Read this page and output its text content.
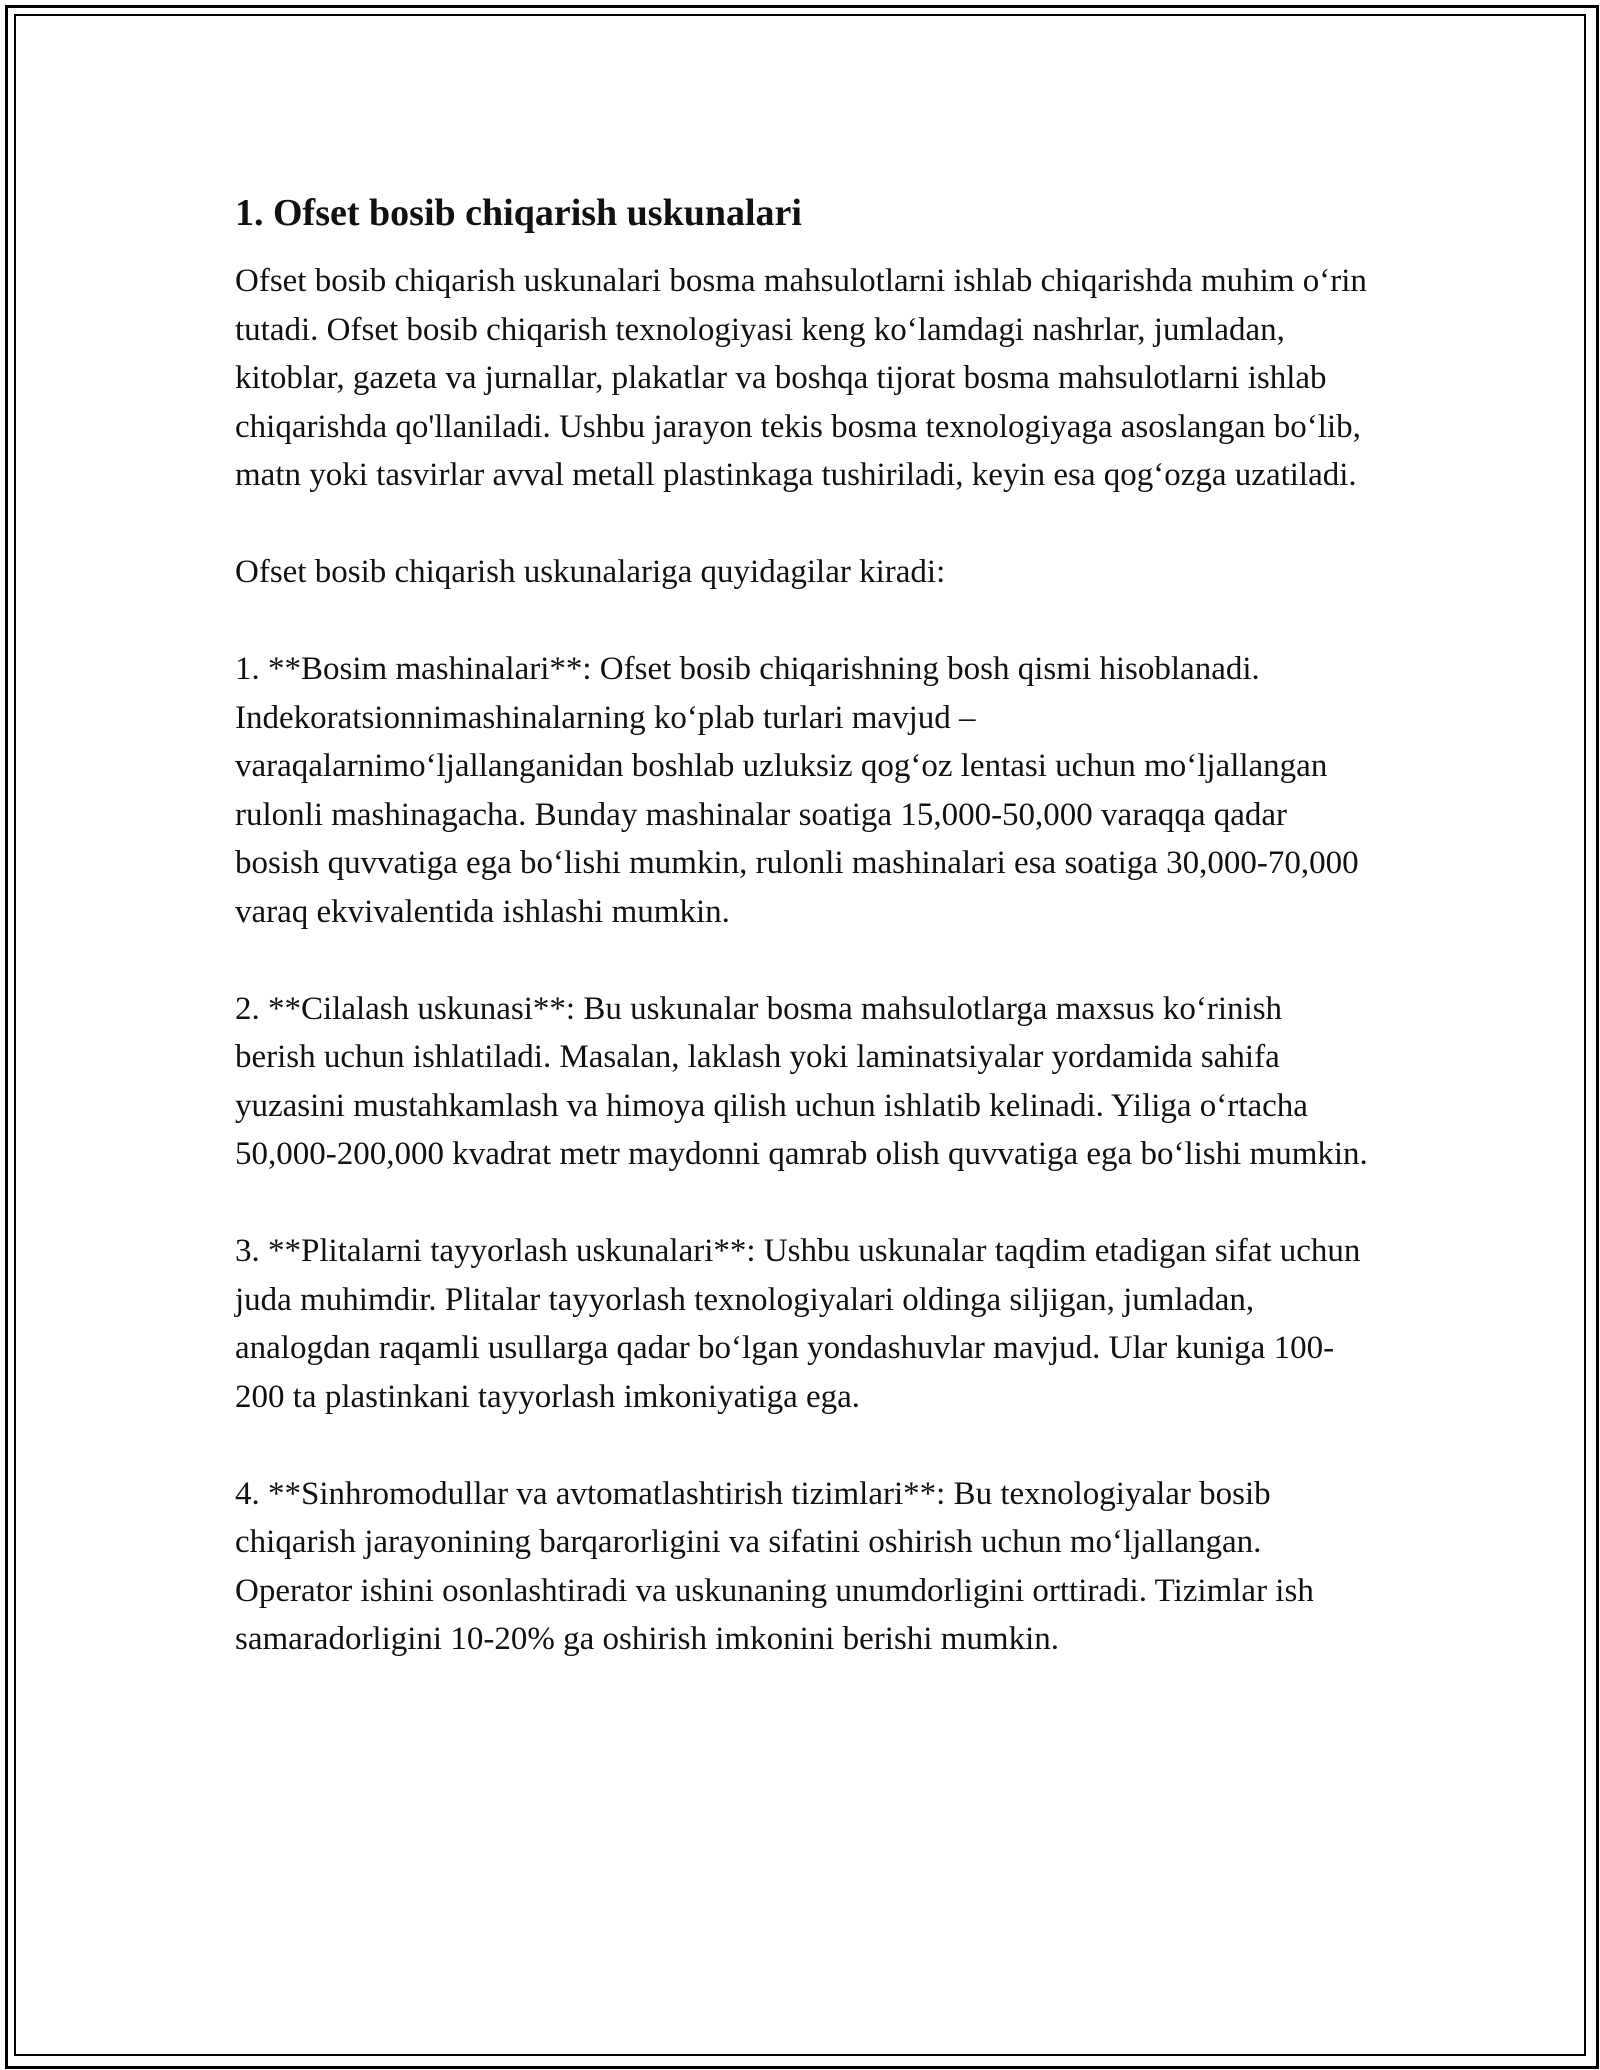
1. Ofset bosib chiqarish uskunalari

Ofset bosib chiqarish uskunalari bosma mahsulotlarni ishlab chiqarishda muhim o‘rin tutadi. Ofset bosib chiqarish texnologiyasi keng ko‘lamdagi nashrlar, jumladan, kitoblar, gazeta va jurnallar, plakatlar va boshqa tijorat bosma mahsulotlarni ishlab chiqarishda qo'llaniladi. Ushbu jarayon tekis bosma texnologiyaga asoslangan bo‘lib, matn yoki tasvirlar avval metall plastinkaga tushiriladi, keyin esa qog‘ozga uzatiladi.

Ofset bosib chiqarish uskunalariga quyidagilar kiradi:

1. **Bosim mashinalari**: Ofset bosib chiqarishning bosh qismi hisoblanadi. Indekoratsionnimashinalarning ko‘plab turlari mavjud – varaqalarnimo‘ljallanganidan boshlab uzluksiz qog‘oz lentasi uchun mo‘ljallangan rulonli mashinagacha. Bunday mashinalar soatiga 15,000-50,000 varaqqa qadar bosish quvvatiga ega bo‘lishi mumkin, rulonli mashinalari esa soatiga 30,000-70,000 varaq ekvivalentida ishlashi mumkin.

2. **Cilalash uskunasi**: Bu uskunalar bosma mahsulotlarga maxsus ko‘rinish berish uchun ishlatiladi. Masalan, laklash yoki laminatsiyalar yordamida sahifa yuzasini mustahkamlash va himoya qilish uchun ishlatib kelinadi. Yiliga o‘rtacha 50,000-200,000 kvadrat metr maydonni qamrab olish quvvatiga ega bo‘lishi mumkin.

3. **Plitalarni tayyorlash uskunalari**: Ushbu uskunalar taqdim etadigan sifat uchun juda muhimdir. Plitalar tayyorlash texnologiyalari oldinga siljigan, jumladan, analogdan raqamli usullarga qadar bo‘lgan yondashuvlar mavjud. Ular kuniga 100-200 ta plastinkani tayyorlash imkoniyatiga ega.

4. **Sinhromodullar va avtomatlashtirish tizimlari**: Bu texnologiyalar bosib chiqarish jarayonining barqarorligini va sifatini oshirish uchun mo‘ljallangan. Operator ishini osonlashtiradi va uskunaning unumdorligini orttiradi. Tizimlar ish samaradorligini 10-20% ga oshirish imkonini berishi mumkin.
